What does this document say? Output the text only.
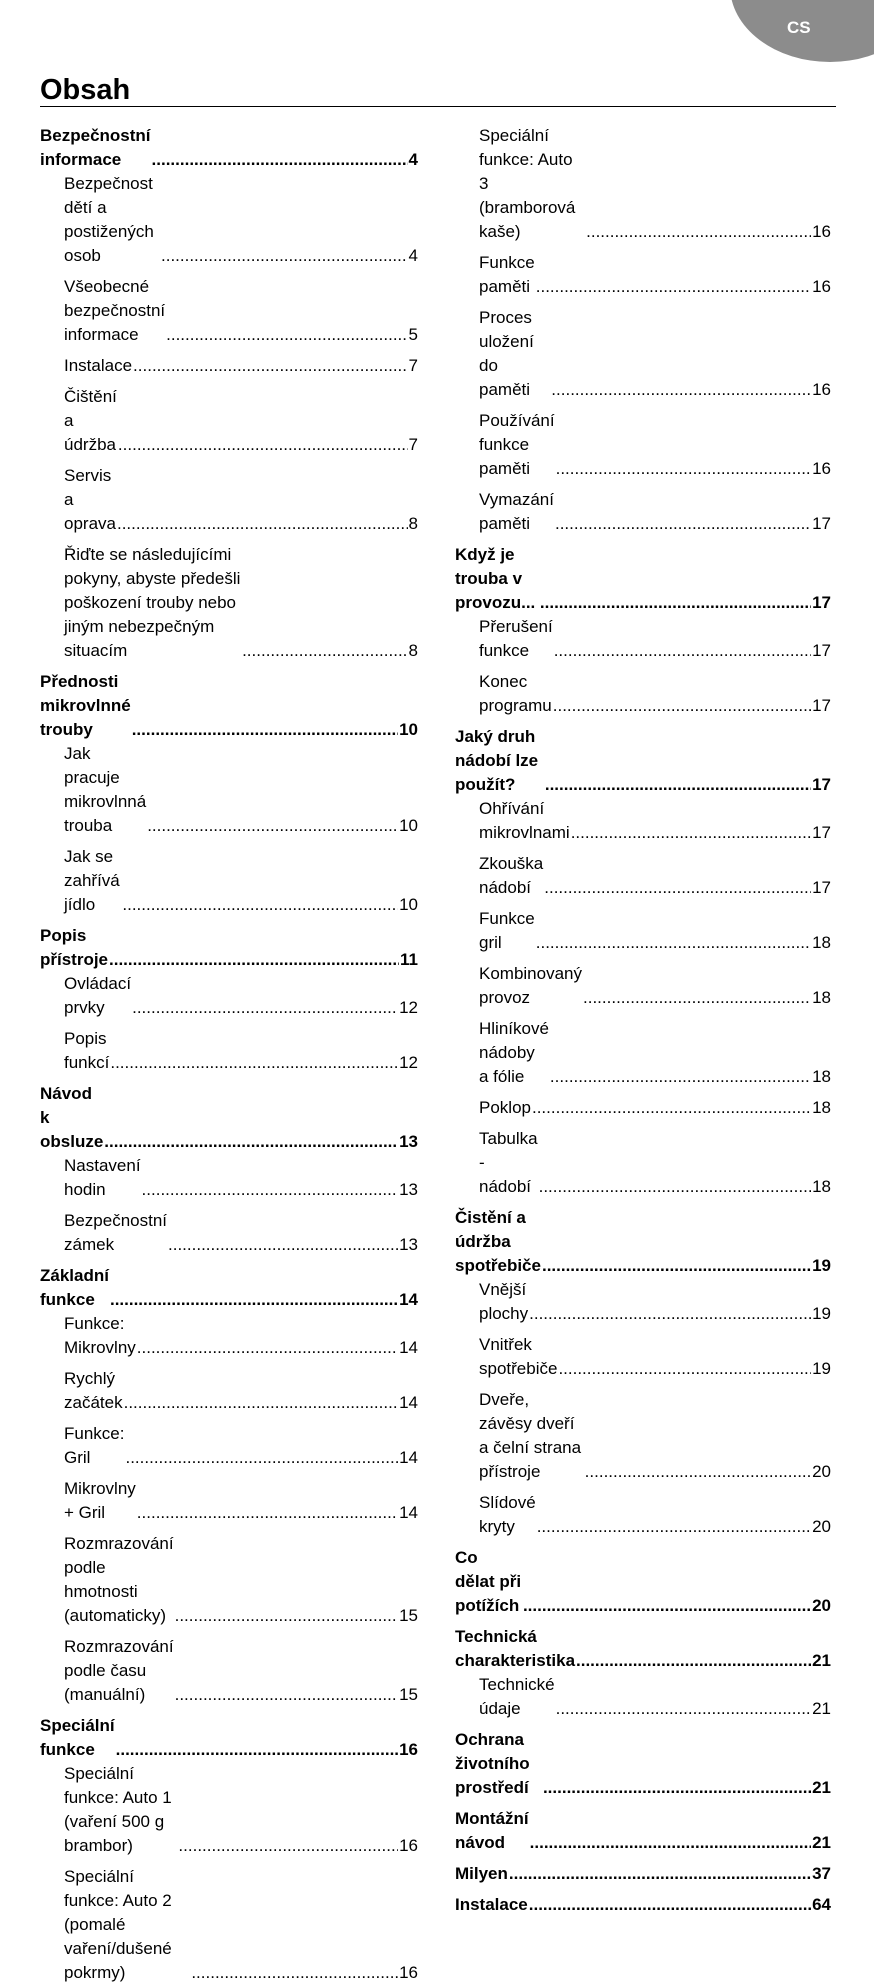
CS
Obsah
Bezpečnostní informace .....	4
Bezpečnost dětí a postižených osob .....	4
Všeobecné bezpečnostní informace .....	5
Instalace .....	7
Čištění a údržba .....	7
Servis a oprava .....	8
Řiďte se následujícími pokyny, abyste předešli poškození trouby nebo jiným nebezpečným situacím .....	8
Přednosti mikrovlnné trouby .....	10
Jak pracuje mikrovlnná trouba .....	10
Jak se zahřívá jídlo .....	10
Popis přístroje .....	11
Ovládací prvky .....	12
Popis funkcí .....	12
Návod k obsluze .....	13
Nastavení hodin .....	13
Bezpečnostní zámek .....	13
Základní funkce .....	14
Funkce: Mikrovlny .....	14
Rychlý začátek .....	14
Funkce: Gril .....	14
Mikrovlny + Gril .....	14
Rozmrazování podle hmotnosti (automaticky) .....	15
Rozmrazování podle času (manuální) .....	15
Speciální funkce .....	16
Speciální funkce: Auto 1 (vaření 500 g brambor) .....	16
Speciální funkce: Auto 2 (pomalé vaření/dušené pokrmy) .....	16
Speciální funkce: Auto 3 (bramborová kaše) .....	16
Funkce paměti .....	16
Proces uložení do paměti .....	16
Používání funkce paměti .....	16
Vymazání paměti .....	17
Když je trouba v provozu... .....	17
Přerušení funkce .....	17
Konec programu .....	17
Jaký druh nádobí lze použít? .....	17
Ohřívání mikrovlnami .....	17
Zkouška nádobí .....	17
Funkce gril .....	18
Kombinovaný provoz .....	18
Hliníkové nádoby a fólie .....	18
Poklop .....	18
Tabulka - nádobí .....	18
Čistění a údržba spotřebiče .....	19
Vnější plochy .....	19
Vnitřek spotřebiče .....	19
Dveře, závěsy dveří a čelní strana přístroje .....	20
Slídové kryty .....	20
Co dělat při potížích .....	20
Technická charakteristika .....	21
Technické údaje .....	21
Ochrana životního prostředí .....	21
Montážní návod .....	21
Milyen .....	37
Instalace .....	64
